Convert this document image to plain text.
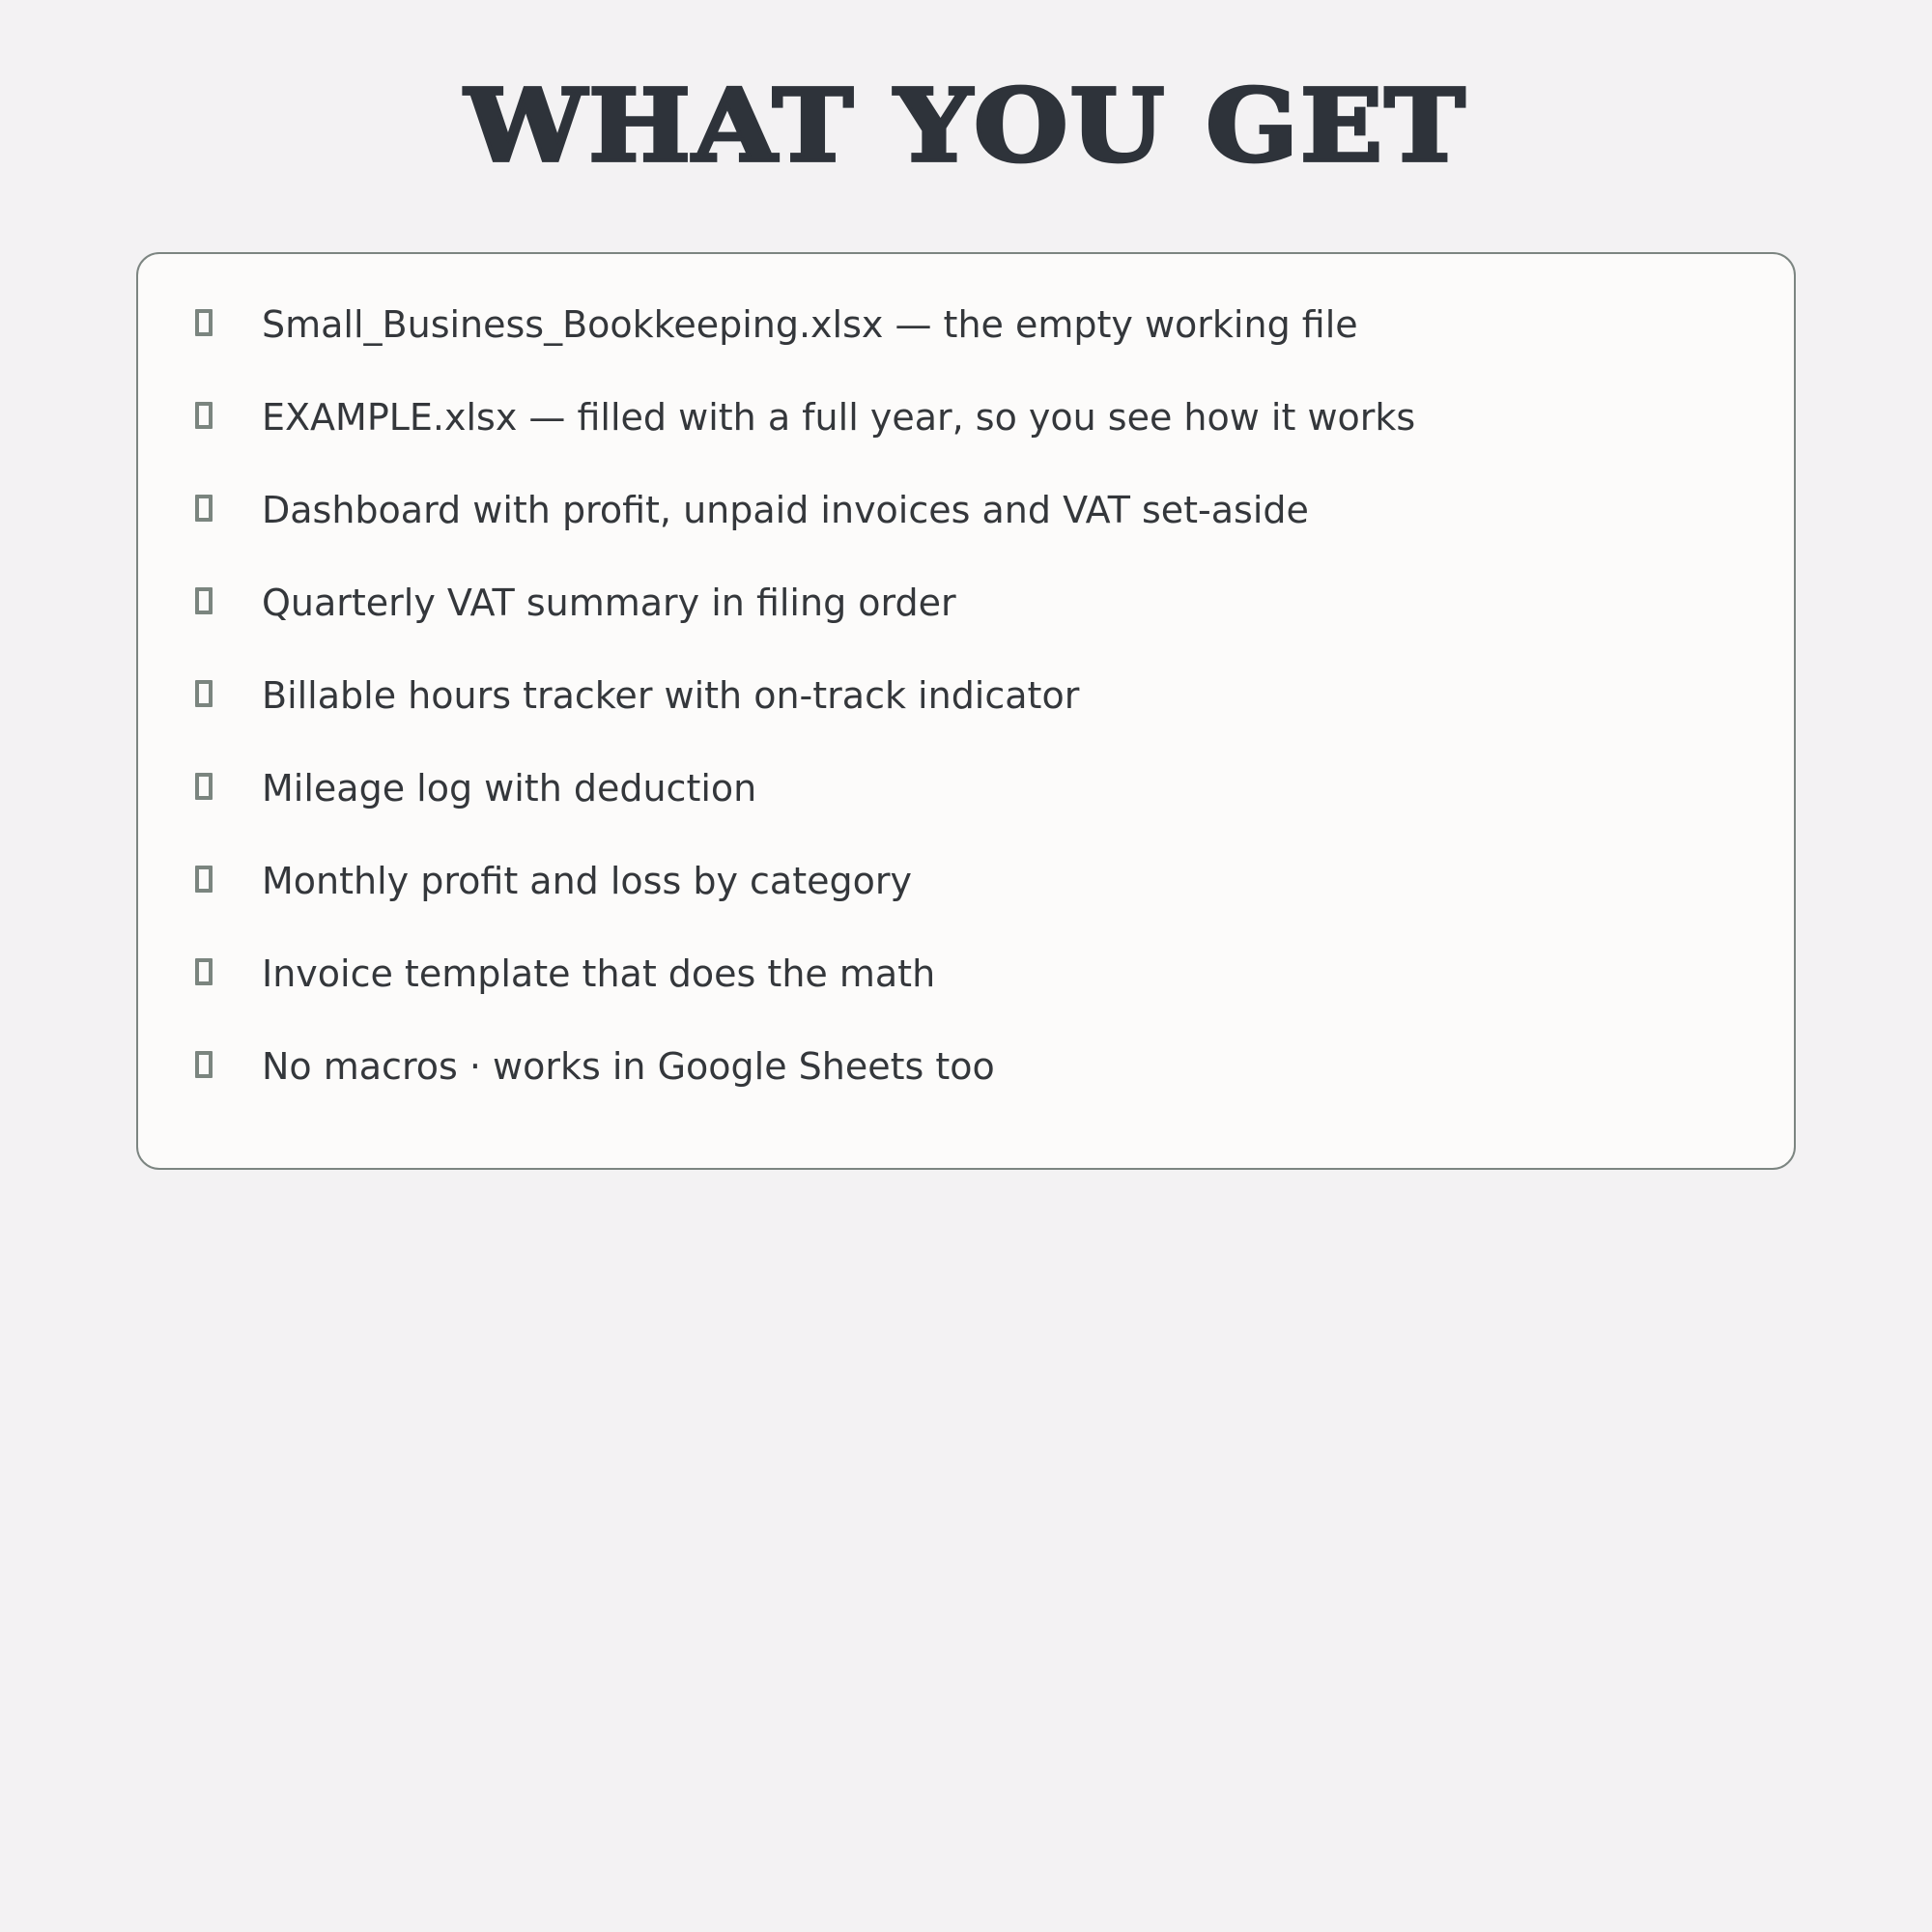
WHAT YOU GET
Small_Business_Bookkeeping.xlsx — the empty working file
EXAMPLE.xlsx — filled with a full year, so you see how it works
Dashboard with profit, unpaid invoices and VAT set-aside
Quarterly VAT summary in filing order
Billable hours tracker with on-track indicator
Mileage log with deduction
Monthly profit and loss by category
Invoice template that does the math
No macros · works in Google Sheets too
